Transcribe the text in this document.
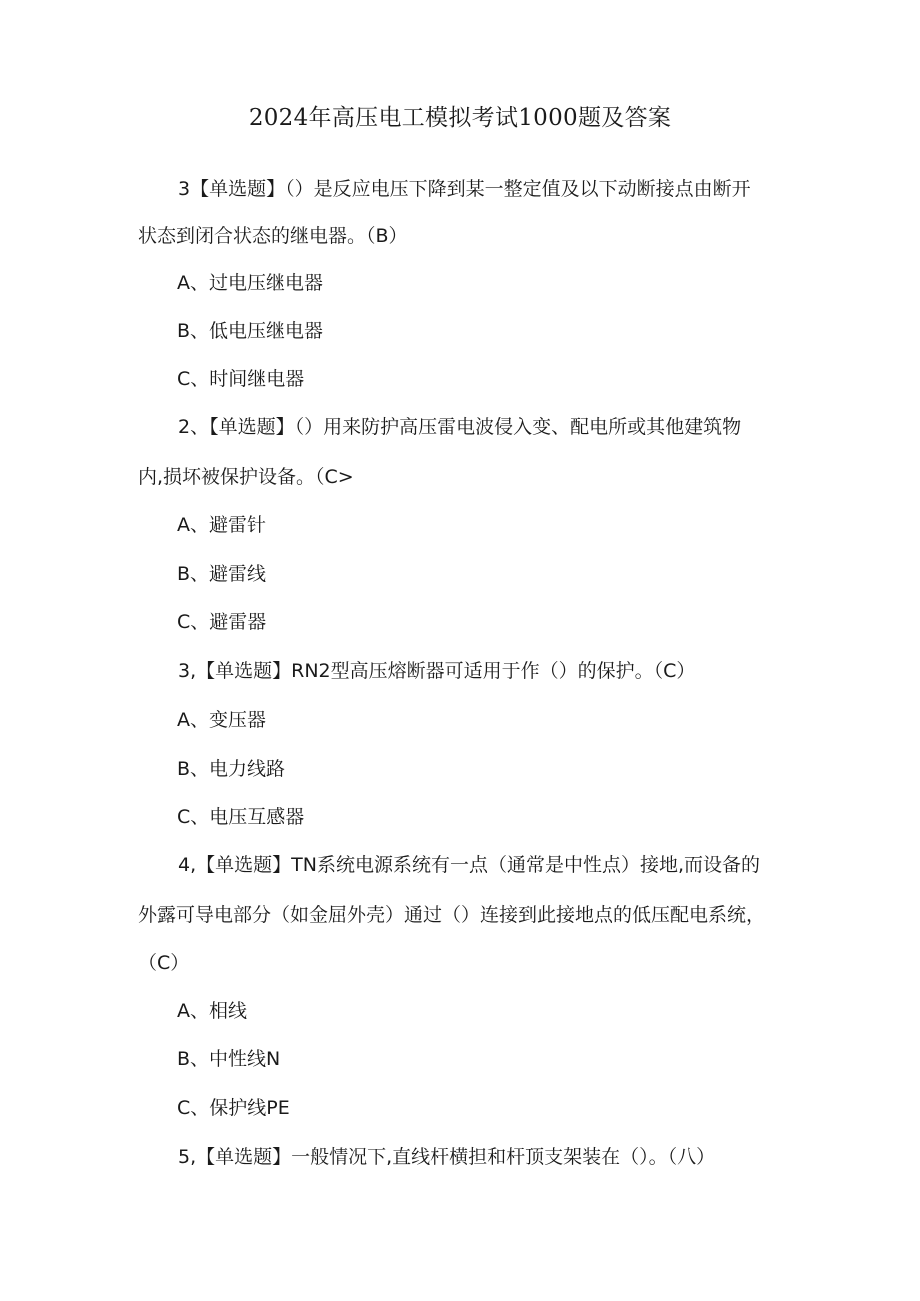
2024年高压电工模拟考试1000题及答案
3【单选题】（）是反应电压下降到某一整定值及以下动断接点由断开
状态到闭合状态的继电器。（B）
A、过电压继电器
B、低电压继电器
C、时间继电器
2、【单选题】（）用来防护高压雷电波侵入变、配电所或其他建筑物
内,损坏被保护设备。（C>
A、避雷针
B、避雷线
C、避雷器
3,【单选题】RN2型高压熔断器可适用于作（）的保护。（C）
A、变压器
B、电力线路
C、电压互感器
4,【单选题】TN系统电源系统有一点（通常是中性点）接地,而设备的
外露可导电部分（如金屈外壳）通过（）连接到此接地点的低压配电系统，
（C）
A、相线
B、中性线N
C、保护线PE
5,【单选题】一般情况下,直线杆横担和杆顶支架装在（）。（八）
